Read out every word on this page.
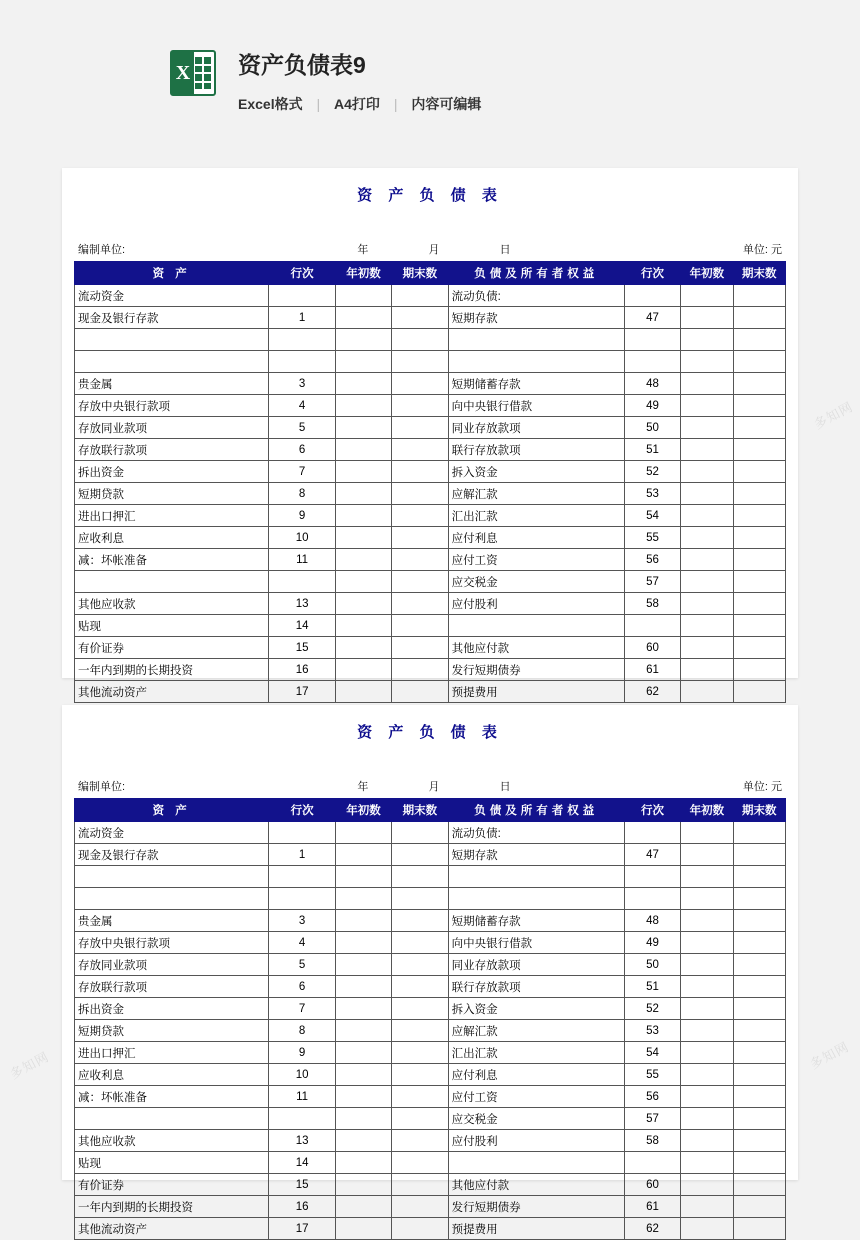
X 资产负债表9
Excel格式 | A4打印 | 内容可编辑
资 产 负 债 表
编制单位:	年	月	日	单位: 元
资 产	行次	年初数	期末数	负债及所有者权益	行次	年初数	期末数
流动资金				流动负债:			
现金及银行存款	1			短期存款	47		

贵金属	3			短期储蓄存款	48		
存放中央银行款项	4			向中央银行借款	49		
存放同业款项	5			同业存放款项	50		
存放联行款项	6			联行存放款项	51		
拆出资金	7			拆入资金	52		
短期贷款	8			应解汇款	53		
进出口押汇	9			汇出汇款	54		
应收利息	10			应付利息	55		
减：坏帐准备	11			应付工资	56		
				应交税金	57		
其他应收款	13			应付股利	58		
贴现	14						
有价证券	15			其他应付款	60		
一年内到期的长期投资	16			发行短期债券	61		
其他流动资产	17			预提费用	62		
资 产 负 债 表
编制单位:	年	月	日	单位: 元
资 产	行次	年初数	期末数	负债及所有者权益	行次	年初数	期末数
流动资金				流动负债:			
现金及银行存款	1			短期存款	47		

贵金属	3			短期储蓄存款	48		
存放中央银行款项	4			向中央银行借款	49		
存放同业款项	5			同业存放款项	50		
存放联行款项	6			联行存放款项	51		
拆出资金	7			拆入资金	52		
短期贷款	8			应解汇款	53		
进出口押汇	9			汇出汇款	54		
应收利息	10			应付利息	55		
减：坏帐准备	11			应付工资	56		
				应交税金	57		
其他应收款	13			应付股利	58		
贴现	14						
有价证券	15			其他应付款	60		
一年内到期的长期投资	16			发行短期债券	61		
其他流动资产	17			预提费用	62		
多知网
多知网	多知网
